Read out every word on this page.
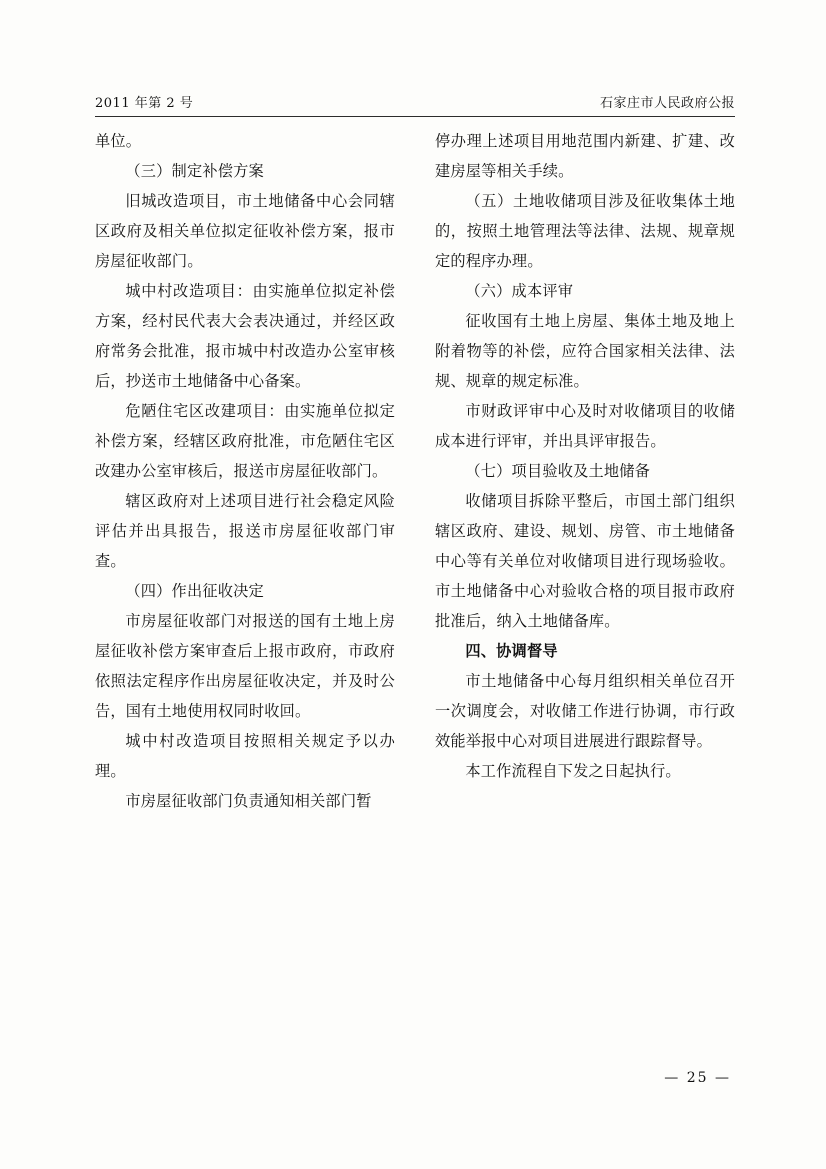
2011 年第 2 号	石家庄市人民政府公报

单位。

（三）制定补偿方案

旧城改造项目，市土地储备中心会同辖区政府及相关单位拟定征收补偿方案，报市房屋征收部门。

城中村改造项目：由实施单位拟定补偿方案，经村民代表大会表决通过，并经区政府常务会批准，报市城中村改造办公室审核后，抄送市土地储备中心备案。

危陋住宅区改建项目：由实施单位拟定补偿方案，经辖区政府批准，市危陋住宅区改建办公室审核后，报送市房屋征收部门。

辖区政府对上述项目进行社会稳定风险评估并出具报告，报送市房屋征收部门审查。

（四）作出征收决定

市房屋征收部门对报送的国有土地上房屋征收补偿方案审查后上报市政府，市政府依照法定程序作出房屋征收决定，并及时公告，国有土地使用权同时收回。

城中村改造项目按照相关规定予以办理。

市房屋征收部门负责通知相关部门暂

停办理上述项目用地范围内新建、扩建、改建房屋等相关手续。

（五）土地收储项目涉及征收集体土地的，按照土地管理法等法律、法规、规章规定的程序办理。

（六）成本评审

征收国有土地上房屋、集体土地及地上附着物等的补偿，应符合国家相关法律、法规、规章的规定标准。

市财政评审中心及时对收储项目的收储成本进行评审，并出具评审报告。

（七）项目验收及土地储备

收储项目拆除平整后，市国土部门组织辖区政府、建设、规划、房管、市土地储备中心等有关单位对收储项目进行现场验收。市土地储备中心对验收合格的项目报市政府批准后，纳入土地储备库。

四、协调督导

市土地储备中心每月组织相关单位召开一次调度会，对收储工作进行协调，市行政效能举报中心对项目进展进行跟踪督导。

本工作流程自下发之日起执行。

— 25 —
